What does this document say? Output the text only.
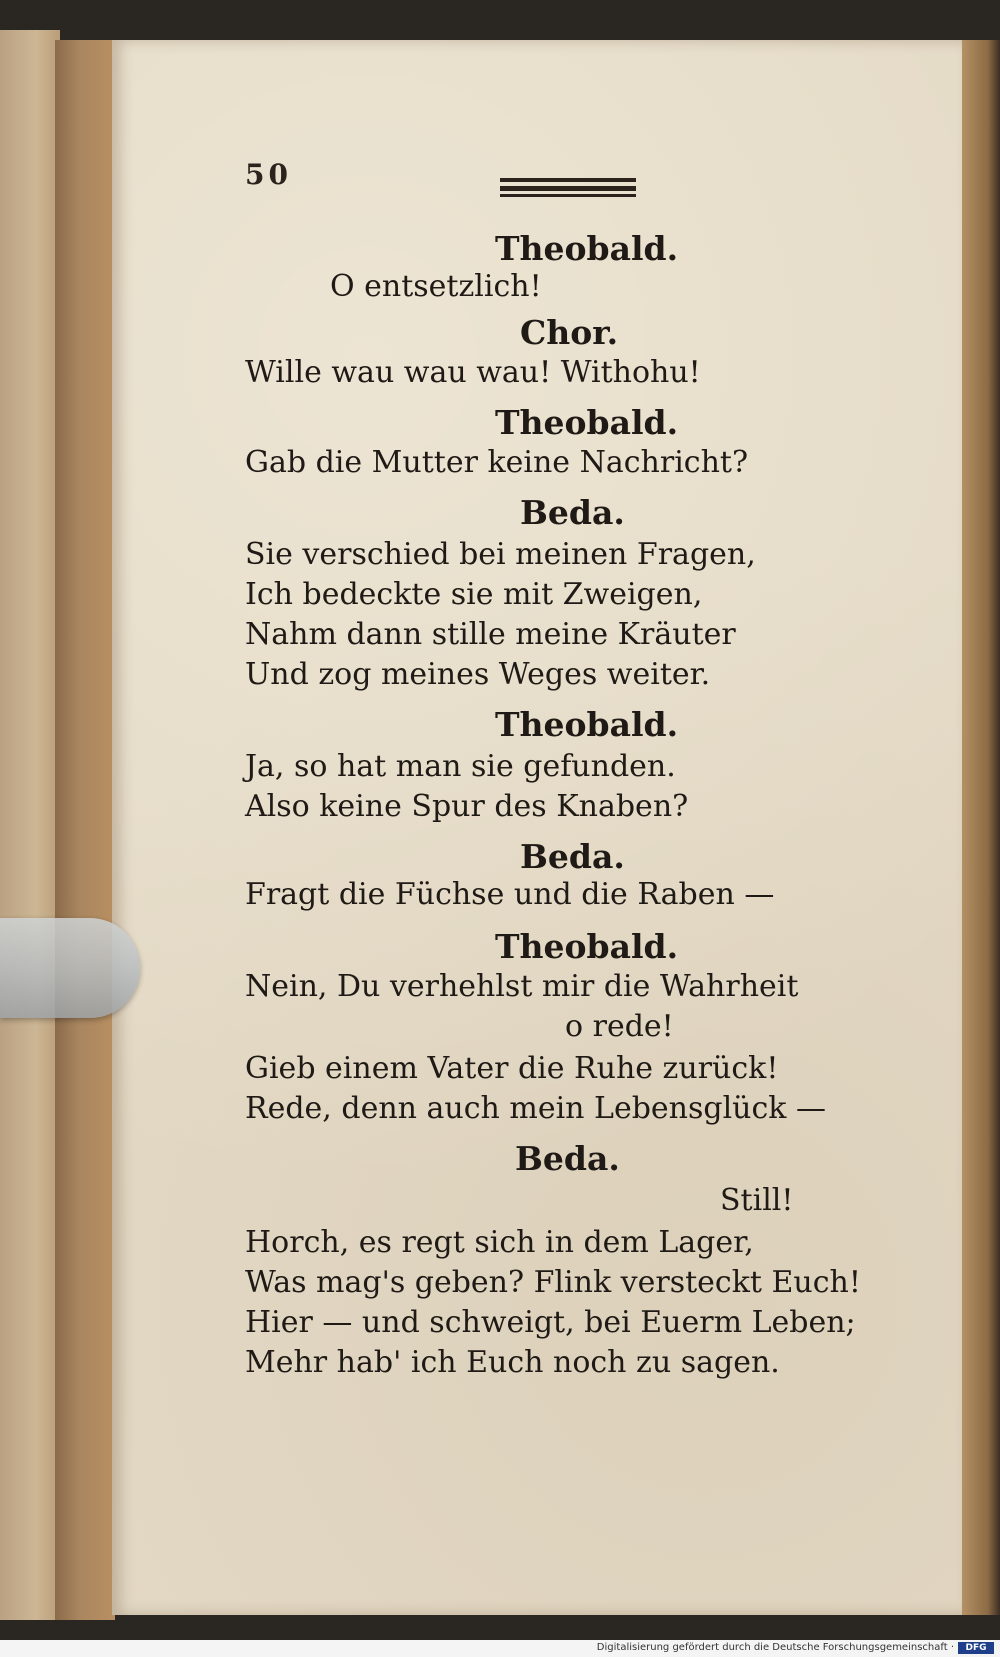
50
Theobald.
O entsetzlich!
Chor.
Wille wau wau wau! Withohu!
Theobald.
Gab die Mutter keine Nachricht?
Beda.
Sie verschied bei meinen Fragen,
Ich bedeckte sie mit Zweigen,
Nahm dann stille meine Kräuter
Und zog meines Weges weiter.
Theobald.
Ja, so hat man sie gefunden.
Also keine Spur des Knaben?
Beda.
Fragt die Füchse und die Raben —
Theobald.
Nein, Du verhehlst mir die Wahrheit
o rede!
Gieb einem Vater die Ruhe zurück!
Rede, denn auch mein Lebensglück —
Beda.
Still!
Horch, es regt sich in dem Lager,
Was mag's geben? Flink versteckt Euch!
Hier — und schweigt, bei Euerm Leben;
Mehr hab' ich Euch noch zu sagen.
Digitalisierung gefördert durch die Deutsche Forschungsgemeinschaft ·	DFG
